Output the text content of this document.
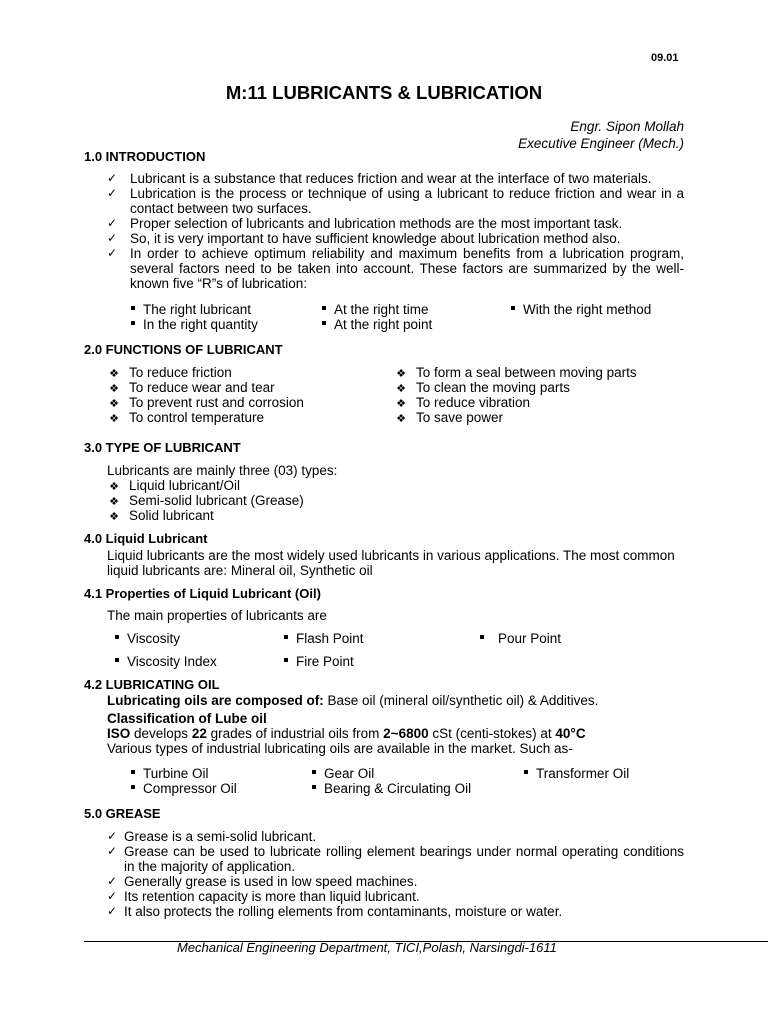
09.01
M:11 LUBRICANTS & LUBRICATION
Engr. Sipon Mollah
Executive Engineer (Mech.)
1.0 INTRODUCTION
✓ Lubricant is a substance that reduces friction and wear at the interface of two materials.
✓ Lubrication is the process or technique of using a lubricant to reduce friction and wear in a contact between two surfaces.
✓ Proper selection of lubricants and lubrication methods are the most important task.
✓ So, it is very important to have sufficient knowledge about lubrication method also.
✓ In order to achieve optimum reliability and maximum benefits from a lubrication program, several factors need to be taken into account. These factors are summarized by the well-known five “R”s of lubrication:
The right lubricant
In the right quantity
At the right time
At the right point
With the right method
2.0 FUNCTIONS OF LUBRICANT
❖ To reduce friction
❖ To reduce wear and tear
❖ To prevent rust and corrosion
❖ To control temperature
❖ To form a seal between moving parts
❖ To clean the moving parts
❖ To reduce vibration
❖ To save power
3.0 TYPE OF LUBRICANT
Lubricants are mainly three (03) types:
❖ Liquid lubricant/Oil
❖ Semi-solid lubricant (Grease)
❖ Solid lubricant
4.0 Liquid Lubricant
Liquid lubricants are the most widely used lubricants in various applications. The most common liquid lubricants are: Mineral oil, Synthetic oil
4.1 Properties of Liquid Lubricant (Oil)
The main properties of lubricants are
Viscosity	Flash Point	Pour Point
Viscosity Index	Fire Point
4.2 LUBRICATING OIL
Lubricating oils are composed of: Base oil (mineral oil/synthetic oil) & Additives.
Classification of Lube oil
ISO develops 22 grades of industrial oils from 2~6800 cSt (centi-stokes) at 40°C
Various types of industrial lubricating oils are available in the market. Such as-
Turbine Oil
Compressor Oil
Gear Oil
Bearing & Circulating Oil
Transformer Oil
5.0 GREASE
✓ Grease is a semi-solid lubricant.
✓ Grease can be used to lubricate rolling element bearings under normal operating conditions in the majority of application.
✓ Generally grease is used in low speed machines.
✓ Its retention capacity is more than liquid lubricant.
✓ It also protects the rolling elements from contaminants, moisture or water.
Mechanical Engineering Department, TICI,Polash, Narsingdi-1611
